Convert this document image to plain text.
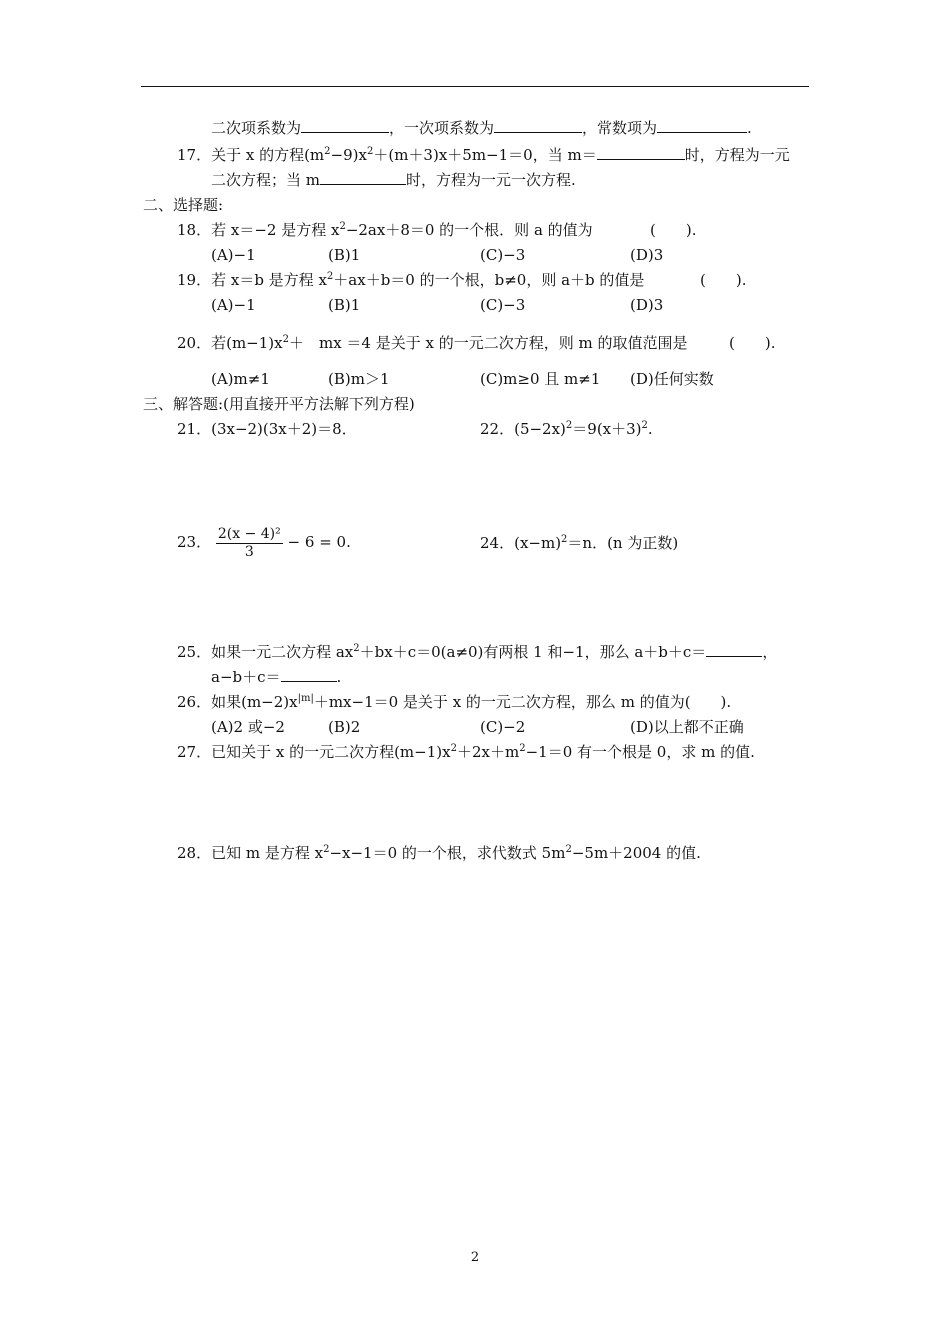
二次项系数为	，一次项系数为	，常数项为	.
17．关于 x 的方程$(m^2-9)x^2+(m+3)x+5m-1=0$，当 m＝	时，方程为一元
二次方程；当 m	时，方程为一元一次方程.
二、选择题:
18．若 x＝−2 是方程 $x^2-2ax+8=0$ 的一个根．则 a 的值为	(　　).
(A)−1	(B)1	(C)−3	(D)3
19．若 x＝b 是方程 $x^2+ax+b=0$ 的一个根，b≠0，则 a＋b 的值是	(　　).
(A)−1	(B)1	(C)−3	(D)3
20．若$(m-1)x^2+$　mx ＝4 是关于 x 的一元二次方程，则 m 的取值范围是	(　　).
(A)m≠1	(B)m＞1	(C)m≥0 且 m≠1 (D)任何实数
三、解答题:(用直接开平方法解下列方程)
21．(3x−2)(3x＋2)＝8．	22．$(5-2x)^2=9(x+3)^2$.
23． $\frac{\text{2(x − 4)²}}{3} - 6 = 0$.	24．$(x-m)^2=n$．(n 为正数)
25．如果一元二次方程 $ax^2+bx+c=0(a\ne 0)$有两根 1 和−1，那么 a＋b＋c＝	，
a−b＋c＝	.
26．如果$(m-2)x^{|m|}+mx-1=0$ 是关于 x 的一元二次方程，那么 m 的值为(　　).
(A)2 或−2	(B)2	(C)−2	(D)以上都不正确
27．已知关于 x 的一元二次方程$(m-1)x^2+2x+m^2-1=0$ 有一个根是 0，求 m 的值.
28．已知 m 是方程 $x^2-x-1=0$ 的一个根，求代数式 $5m^2-5m+2004$ 的值.
2
